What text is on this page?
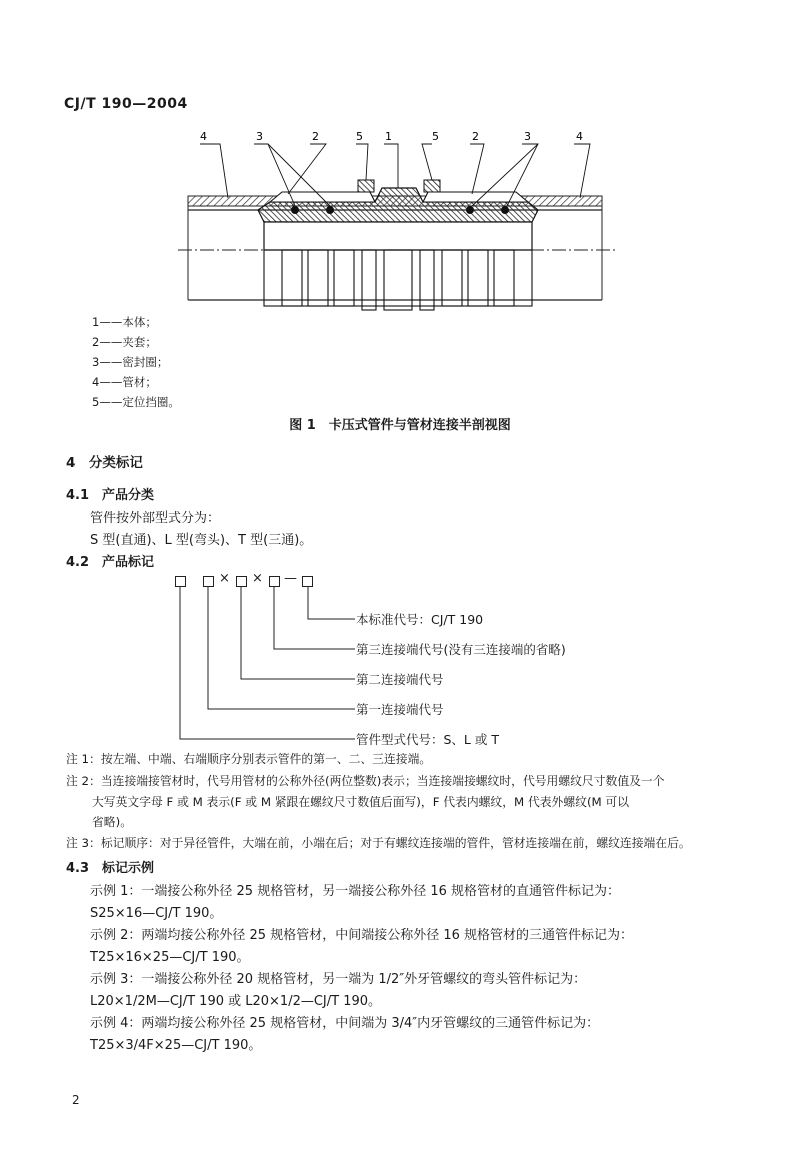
CJ/T 190—2004
4	3	2	5 1	5	2	3	4
1——本体；
2——夹套；
3——密封圈；
4——管材；
5——定位挡圈。
图 1　卡压式管件与管材连接半剖视图
4　分类标记
4.1　产品分类
管件按外部型式分为：
S 型(直通)、L 型(弯头)、T 型(三通)。
4.2　产品标记
× × —
本标准代号：CJ/T 190
第三连接端代号(没有三连接端的省略)
第二连接端代号
第一连接端代号
管件型式代号：S、L 或 T
注 1：按左端、中端、右端顺序分别表示管件的第一、二、三连接端。
注 2：当连接端接管材时，代号用管材的公称外径(两位整数)表示；当连接端接螺纹时，代号用螺纹尺寸数值及一个
大写英文字母 F 或 M 表示(F 或 M 紧跟在螺纹尺寸数值后面写)，F 代表内螺纹，M 代表外螺纹(M 可以
省略)。
注 3：标记顺序：对于异径管件，大端在前，小端在后；对于有螺纹连接端的管件，管材连接端在前，螺纹连接端在后。
4.3　标记示例
示例 1：一端接公称外径 25 规格管材，另一端接公称外径 16 规格管材的直通管件标记为：
S25×16—CJ/T 190。
示例 2：两端均接公称外径 25 规格管材，中间端接公称外径 16 规格管材的三通管件标记为：
T25×16×25—CJ/T 190。
示例 3：一端接公称外径 20 规格管材，另一端为 1/2″外牙管螺纹的弯头管件标记为：
L20×1/2M—CJ/T 190 或 L20×1/2—CJ/T 190。
示例 4：两端均接公称外径 25 规格管材，中间端为 3/4″内牙管螺纹的三通管件标记为：
T25×3/4F×25—CJ/T 190。
2
